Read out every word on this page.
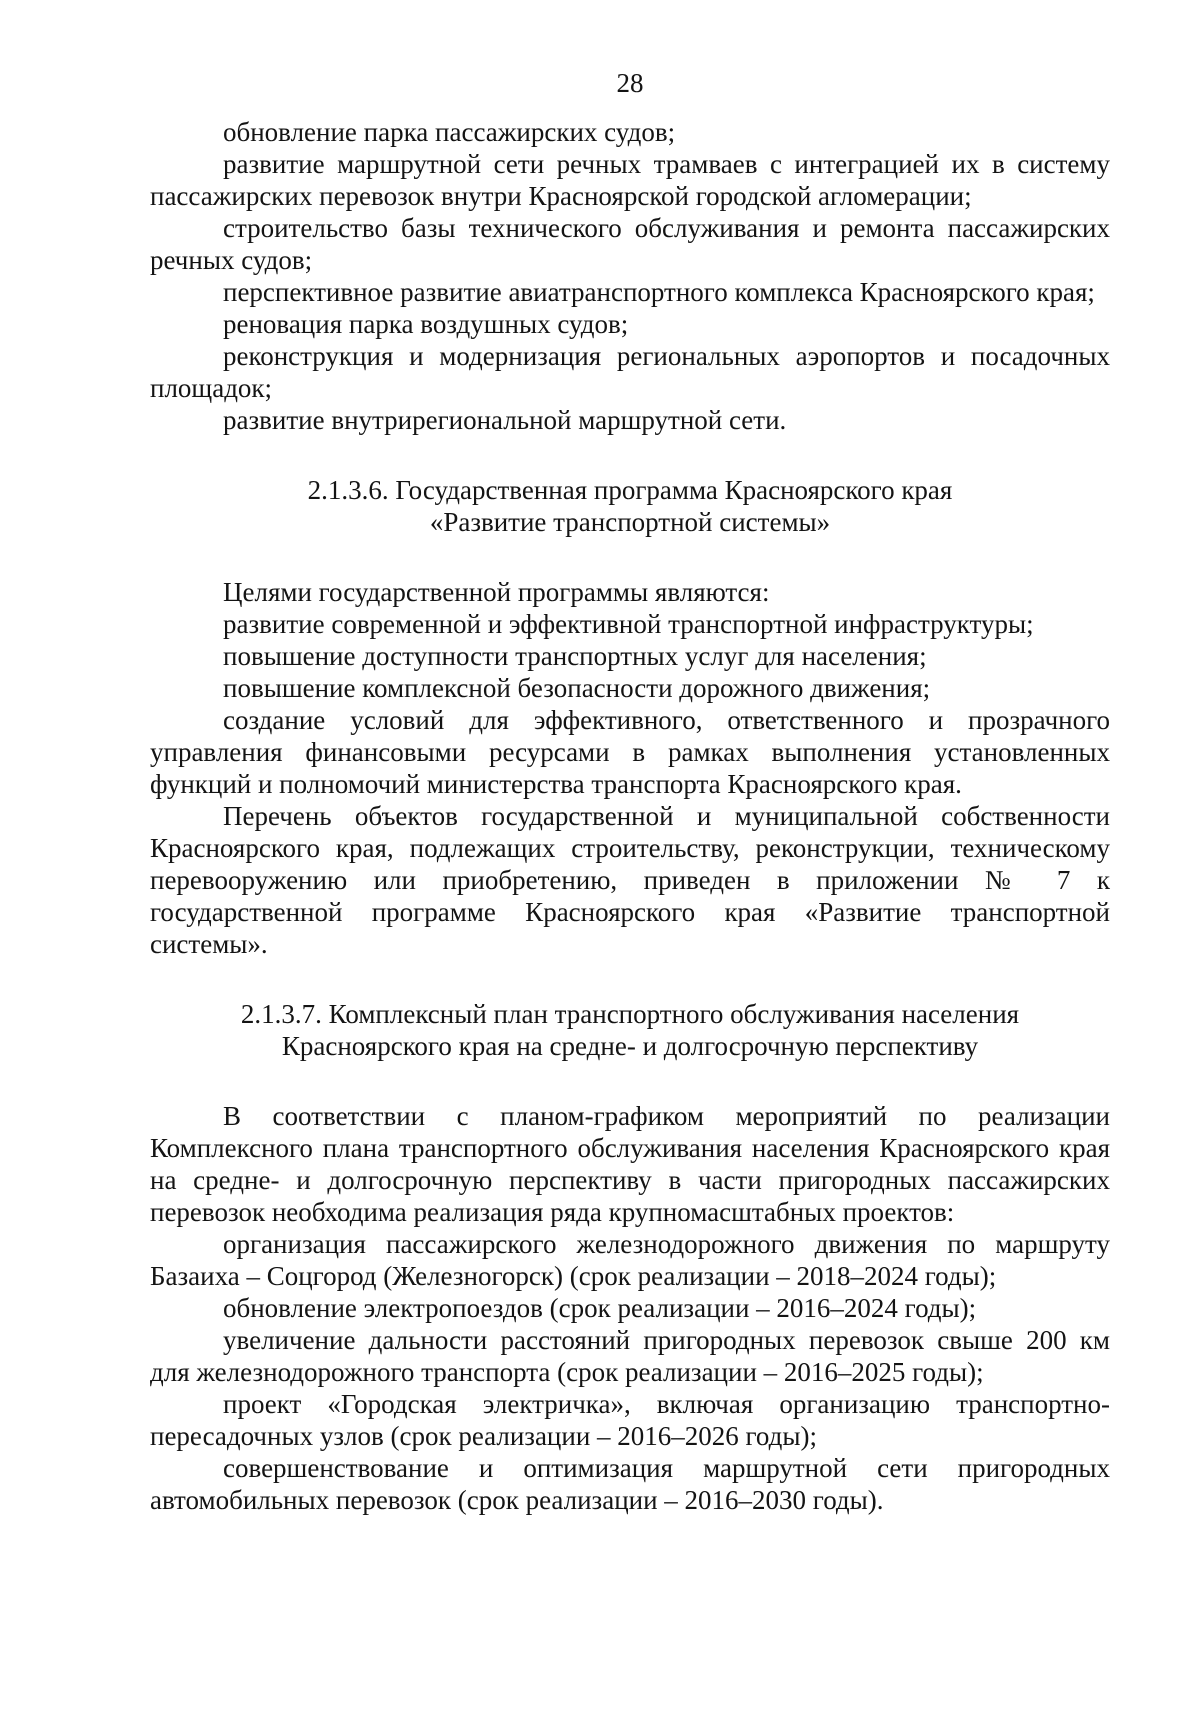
28

обновление парка пассажирских судов;

развитие маршрутной сети речных трамваев с интеграцией их в систему пассажирских перевозок внутри Красноярской городской агломерации;

строительство базы технического обслуживания и ремонта пассажирских речных судов;

перспективное развитие авиатранспортного комплекса Красноярского края;

реновация парка воздушных судов;

реконструкция и модернизация региональных аэропортов и посадочных площадок;

развитие внутрирегиональной маршрутной сети.

2.1.3.6. Государственная программа Красноярского края

«Развитие транспортной системы»

Целями государственной программы являются:

развитие современной и эффективной транспортной инфраструктуры;

повышение доступности транспортных услуг для населения;

повышение комплексной безопасности дорожного движения;

создание условий для эффективного, ответственного и прозрачного управления финансовыми ресурсами в рамках выполнения установленных функций и полномочий министерства транспорта Красноярского края.

Перечень объектов государственной и муниципальной собственности Красноярского края, подлежащих строительству, реконструкции, техническому перевооружению или приобретению, приведен в приложении № 7 к государственной программе Красноярского края «Развитие транспортной системы».

2.1.3.7. Комплексный план транспортного обслуживания населения

Красноярского края на средне- и долгосрочную перспективу

В соответствии с планом-графиком мероприятий по реализации Комплексного плана транспортного обслуживания населения Красноярского края на средне- и долгосрочную перспективу в части пригородных пассажирских перевозок необходима реализация ряда крупномасштабных проектов:

организация пассажирского железнодорожного движения по маршруту Базаиха – Соцгород (Железногорск) (срок реализации – 2018–2024 годы);

обновление электропоездов (срок реализации – 2016–2024 годы);

увеличение дальности расстояний пригородных перевозок свыше 200 км для железнодорожного транспорта (срок реализации – 2016–2025 годы);

проект «Городская электричка», включая организацию транспортно-пересадочных узлов (срок реализации – 2016–2026 годы);

совершенствование и оптимизация маршрутной сети пригородных автомобильных перевозок (срок реализации – 2016–2030 годы).
